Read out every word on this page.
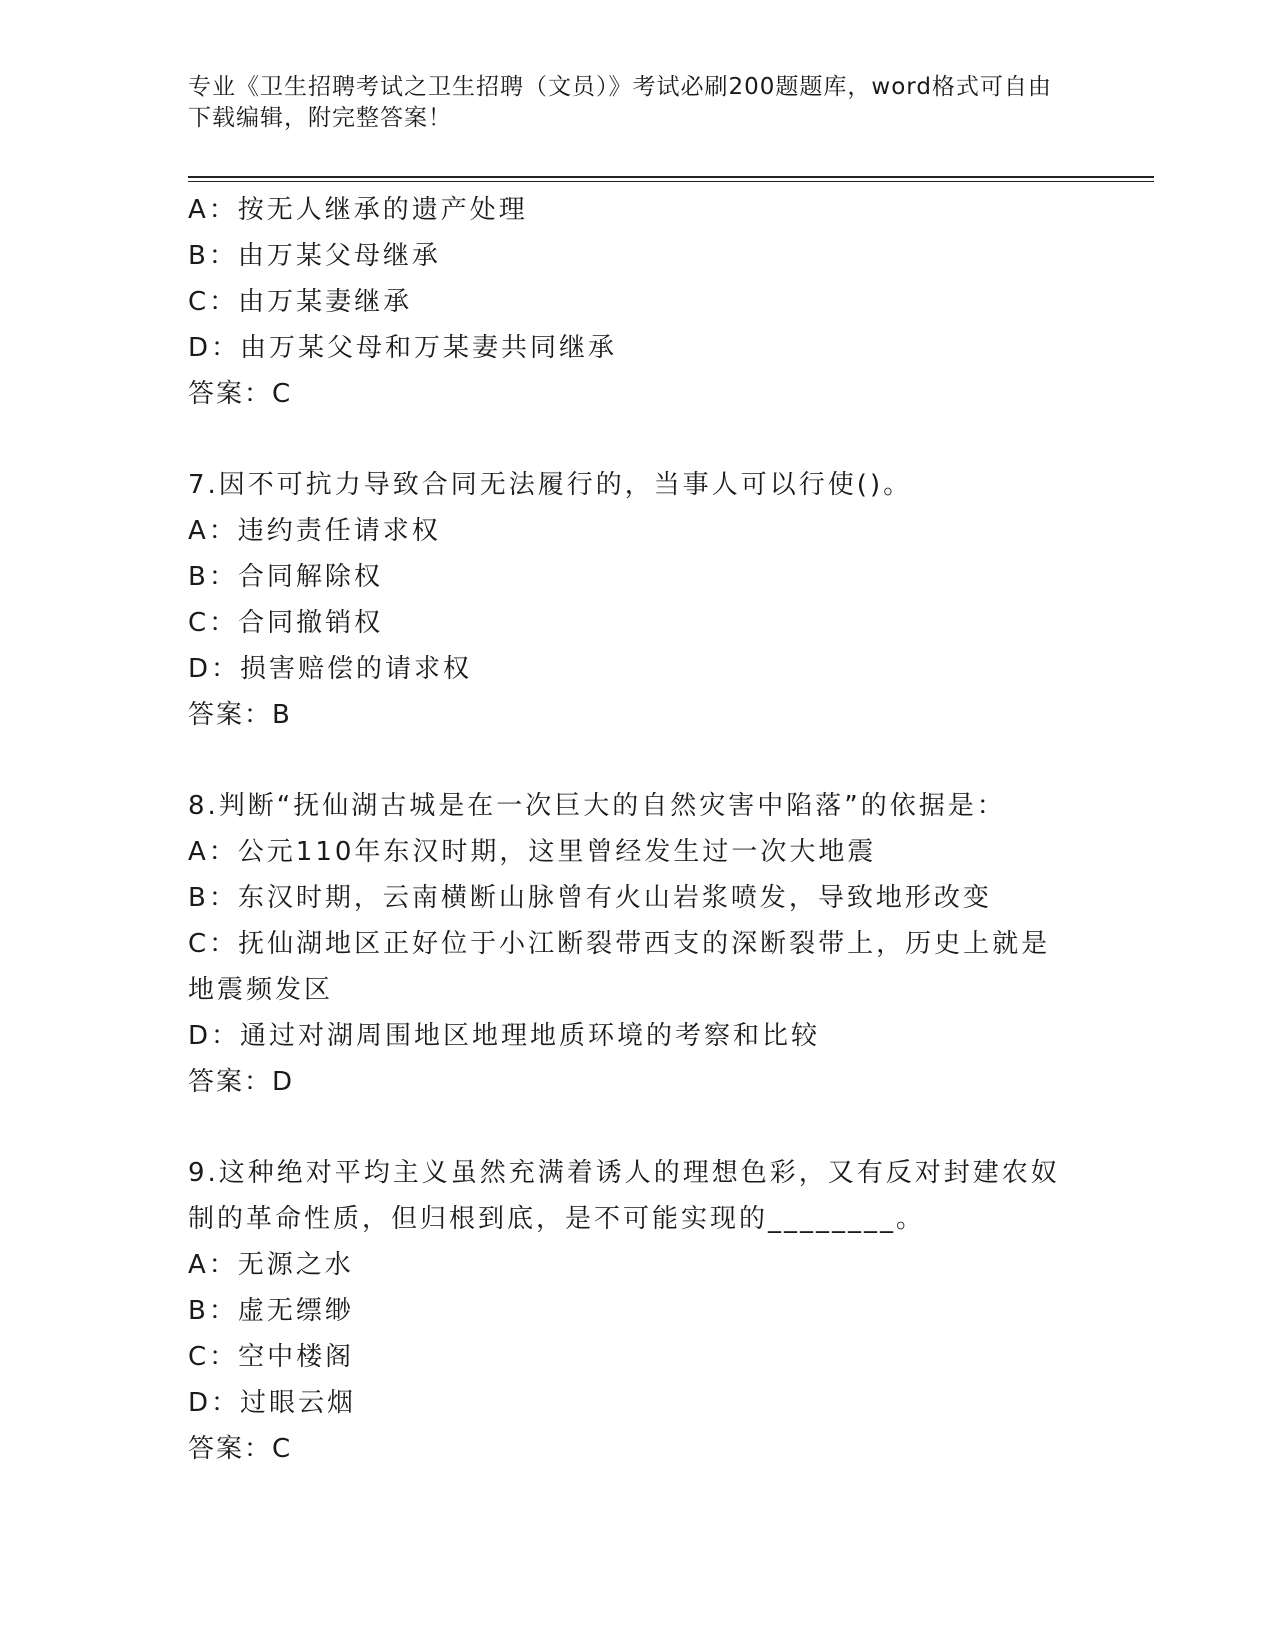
专业《卫生招聘考试之卫生招聘（文员）》考试必刷200题题库，word格式可自由下载编辑，附完整答案！
A：按无人继承的遗产处理
B：由万某父母继承
C：由万某妻继承
D：由万某父母和万某妻共同继承
答案：C
7.因不可抗力导致合同无法履行的，当事人可以行使()。
A：违约责任请求权
B：合同解除权
C：合同撤销权
D：损害赔偿的请求权
答案：B
8.判断“抚仙湖古城是在一次巨大的自然灾害中陷落”的依据是：
A：公元110年东汉时期，这里曾经发生过一次大地震
B：东汉时期，云南横断山脉曾有火山岩浆喷发，导致地形改变
C：抚仙湖地区正好位于小江断裂带西支的深断裂带上，历史上就是地震频发区
D：通过对湖周围地区地理地质环境的考察和比较
答案：D
9.这种绝对平均主义虽然充满着诱人的理想色彩，又有反对封建农奴制的革命性质，但归根到底，是不可能实现的________。
A：无源之水
B：虚无缥缈
C：空中楼阁
D：过眼云烟
答案：C
